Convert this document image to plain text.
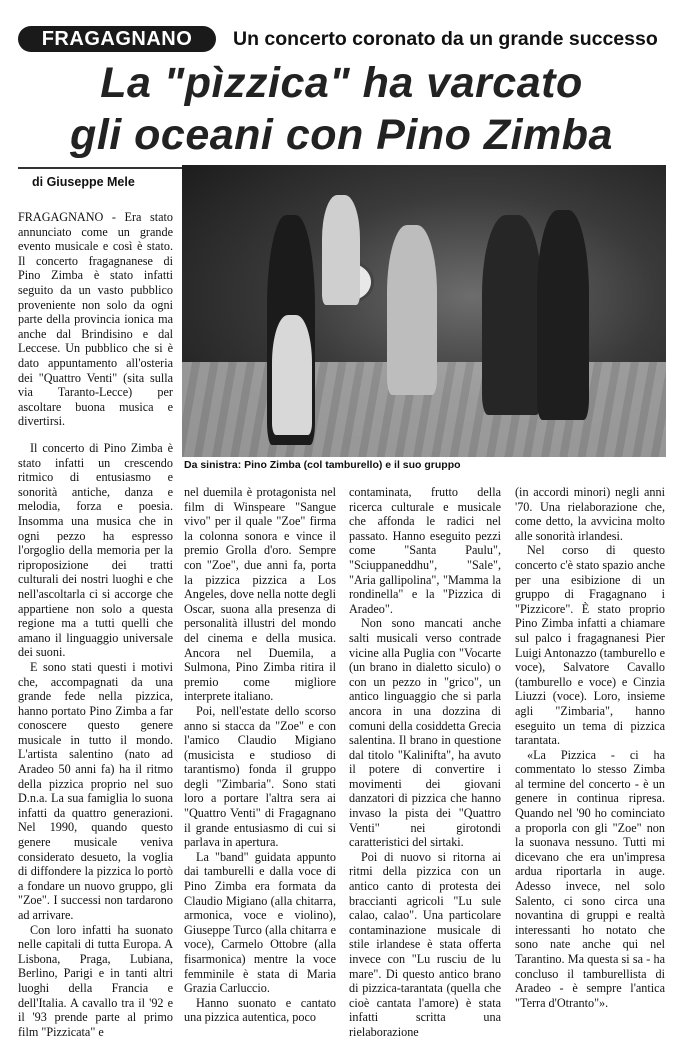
FRAGAGNANO	Un concerto coronato da un grande successo
La "pìzzica" ha varcato
gli oceani con Pino Zimba
di Giuseppe Mele
Da sinistra: Pino Zimba (col tamburello) e il suo gruppo

FRAGAGNANO - Era stato annunciato come un grande evento musicale e così è stato. Il concerto fragagnanese di Pino Zimba è stato infatti seguito da un vasto pubblico proveniente non solo da ogni parte della provincia ionica ma anche dal Brindisino e dal Leccese. Un pubblico che si è dato appuntamento all'osteria dei "Quattro Venti" (sita sulla via Taranto-Lecce) per ascoltare buona musica e divertirsi.

Il concerto di Pino Zimba è stato infatti un crescendo ritmico di entusiasmo e sonorità antiche, danza e melodia, forza e poesia. Insomma una musica che in ogni pezzo ha espresso l'orgoglio della memoria per la riproposizione dei tratti culturali dei nostri luoghi e che nell'ascoltarla ci si accorge che appartiene non solo a questa regione ma a tutti quelli che amano il linguaggio universale dei suoni.

E sono stati questi i motivi che, accompagnati da una grande fede nella pizzica, hanno portato Pino Zimba a far conoscere questo genere musicale in tutto il mondo. L'artista salentino (nato ad Aradeo 50 anni fa) ha il ritmo della pizzica proprio nel suo D.n.a. La sua famiglia lo suona infatti da quattro generazioni. Nel 1990, quando questo genere musicale veniva considerato desueto, la voglia di diffondere la pizzica lo portò a fondare un nuovo gruppo, gli "Zoe". I successi non tardarono ad arrivare.

Con loro infatti ha suonato nelle capitali di tutta Europa. A Lisbona, Praga, Lubiana, Berlino, Parigi e in tanti altri luoghi della Francia e dell'Italia. A cavallo tra il '92 e il '93 prende parte al primo film "Pizzicata" e

nel duemila è protagonista nel film di Winspeare "Sangue vivo" per il quale "Zoe" firma la colonna sonora e vince il premio Grolla d'oro. Sempre con "Zoe", due anni fa, porta la pizzica pizzica a Los Angeles, dove nella notte degli Oscar, suona alla presenza di personalità illustri del mondo del cinema e della musica. Ancora nel Duemila, a Sulmona, Pino Zimba ritira il premio come migliore interprete italiano.

Poi, nell'estate dello scorso anno si stacca da "Zoe" e con l'amico Claudio Migiano (musicista e studioso di tarantismo) fonda il gruppo degli "Zimbaria". Sono stati loro a portare l'altra sera ai "Quattro Venti" di Fragagnano il grande entusiasmo di cui si parlava in apertura.

La "band" guidata appunto dai tamburelli e dalla voce di Pino Zimba era formata da Claudio Migiano (alla chitarra, armonica, voce e violino), Giuseppe Turco (alla chitarra e voce), Carmelo Ottobre (alla fisarmonica) mentre la voce femminile è stata di Maria Grazia Carluccio.

Hanno suonato e cantato una pizzica autentica, poco

contaminata, frutto della ricerca culturale e musicale che affonda le radici nel passato. Hanno eseguito pezzi come "Santa Paulu", "Sciuppaneddhu", "Sale", "Aria gallipolina", "Mamma la rondinella" e la "Pizzica di Aradeo".

Non sono mancati anche salti musicali verso contrade vicine alla Puglia con "Vocarte (un brano in dialetto siculo) o con un pezzo in "grico", un antico linguaggio che si parla ancora in una dozzina di comuni della cosiddetta Grecia salentina. Il brano in questione dal titolo "Kalinifta", ha avuto il potere di convertire i movimenti dei giovani danzatori di pizzica che hanno invaso la pista dei "Quattro Venti" nei girotondi caratteristici del sirtaki.

Poi di nuovo si ritorna ai ritmi della pizzica con un antico canto di protesta dei braccianti agricoli "Lu sule calao, calao". Una particolare contaminazione musicale di stile irlandese è stata offerta invece con "Lu rusciu de lu mare". Di questo antico brano di pizzica-tarantata (quella che cioè cantata l'amore) è stata infatti scritta una rielaborazione

(in accordi minori) negli anni '70. Una rielaborazione che, come detto, la avvicina molto alle sonorità irlandesi.

Nel corso di questo concerto c'è stato spazio anche per una esibizione di un gruppo di Fragagnano i "Pizzicore". È stato proprio Pino Zimba infatti a chiamare sul palco i fragagnanesi Pier Luigi Antonazzo (tamburello e voce), Salvatore Cavallo (tamburello e voce) e Cinzia Liuzzi (voce). Loro, insieme agli "Zimbaria", hanno eseguito un tema di pizzica tarantata.

«La Pizzica - ci ha commentato lo stesso Zimba al termine del concerto - è un genere in continua ripresa. Quando nel '90 ho cominciato a proporla con gli "Zoe" non la suonava nessuno. Tutti mi dicevano che era un'impresa ardua riportarla in auge. Adesso invece, nel solo Salento, ci sono circa una novantina di gruppi e realtà interessanti ho notato che sono nate anche qui nel Tarantino. Ma questa si sa - ha concluso il tamburellista di Aradeo - è sempre l'antica "Terra d'Otranto"».
